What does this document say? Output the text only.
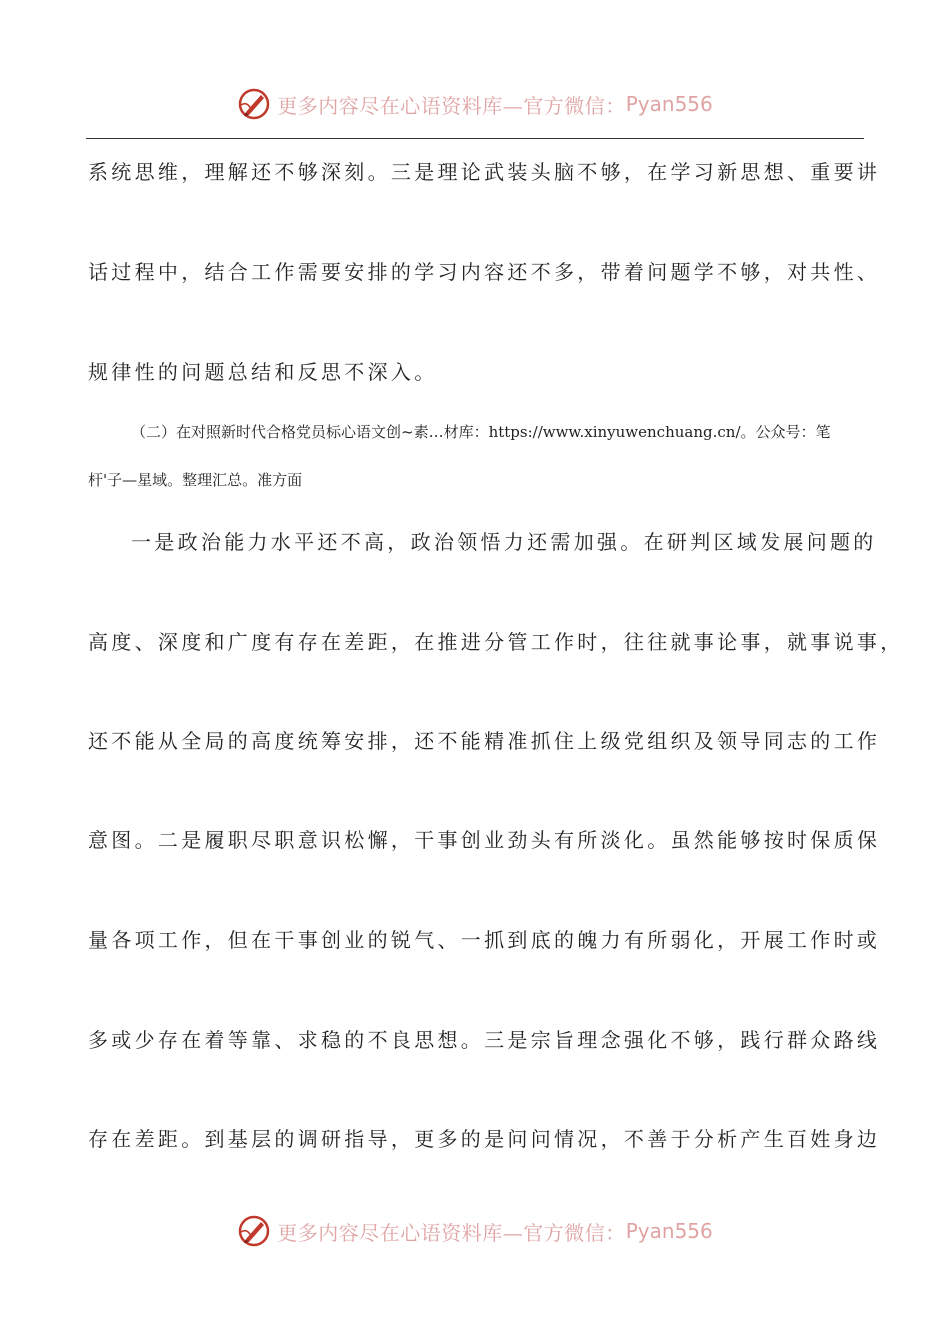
更多内容尽在心语资料库—官方微信： Pyan556
系统思维，理解还不够深刻。三是理论武装头脑不够，在学习新思想、重要讲
话过程中，结合工作需要安排的学习内容还不多，带着问题学不够，对共性、
规律性的问题总结和反思不深入。
（二）在对照新时代合格党员标心语文创~素…材库：https://www.xinyuwenchuang.cn/。公众号：笔
杆'子—星域。整理汇总。准方面
一是政治能力水平还不高，政治领悟力还需加强。在研判区域发展问题的
高度、深度和广度有存在差距，在推进分管工作时，往往就事论事，就事说事，
还不能从全局的高度统筹安排，还不能精准抓住上级党组织及领导同志的工作
意图。二是履职尽职意识松懈，干事创业劲头有所淡化。虽然能够按时保质保
量各项工作，但在干事创业的锐气、一抓到底的魄力有所弱化，开展工作时或
多或少存在着等靠、求稳的不良思想。三是宗旨理念强化不够，践行群众路线
存在差距。到基层的调研指导，更多的是问问情况，不善于分析产生百姓身边
更多内容尽在心语资料库—官方微信： Pyan556
